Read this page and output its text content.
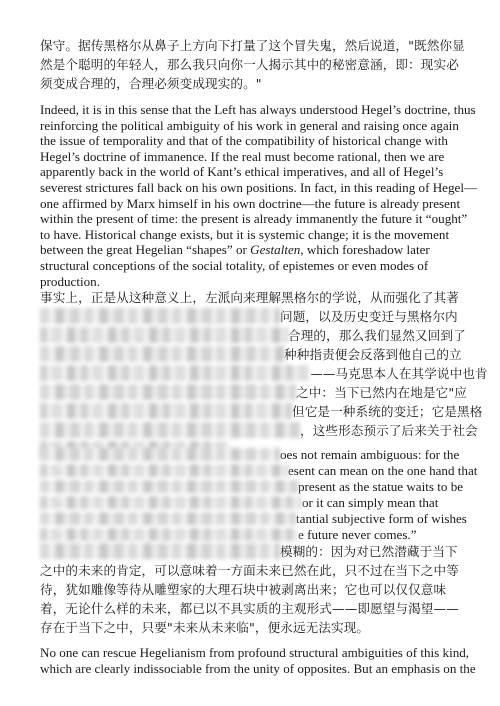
保守。据传黑格尔从鼻子上方向下打量了这个冒失鬼，然后说道，"既然你显
然是个聪明的年轻人，那么我只向你一人揭示其中的秘密意涵，即：现实必
须变成合理的，合理必须变成现实的。"
Indeed, it is in this sense that the Left has always understood Hegel’s doctrine, thus
reinforcing the political ambiguity of his work in general and raising once again
the issue of temporality and that of the compatibility of historical change with
Hegel’s doctrine of immanence. If the real must become rational, then we are
apparently back in the world of Kant’s ethical imperatives, and all of Hegel’s
severest strictures fall back on his own positions. In fact, in this reading of Hegel—
one affirmed by Marx himself in his own doctrine—the future is already present
within the present of time: the present is already immanently the future it “ought”
to have. Historical change exists, but it is systemic change; it is the movement
between the great Hegelian “shapes” or Gestalten, which foreshadow later
structural conceptions of the social totality, of epistemes or even modes of
production.
事实上，正是从这种意义上，左派向来理解黑格尔的学说，从而强化了其著
问题，以及历史变迁与黑格尔内
合理的，那么我们显然又回到了
种种指责便会反落到他自己的立
——马克思本人在其学说中也肯
之中：当下已然内在地是它"应
但它是一种系统的变迁；它是黑格
，这些形态预示了后来关于社会
oes not remain ambiguous: for the
esent can mean on the one hand that
present as the statue waits to be
or it can simply mean that
tantial subjective form of wishes
e future never comes.”
模糊的：因为对已然潜藏于当下
之中的未来的肯定，可以意味着一方面未来已然在此，只不过在当下之中等
待，犹如雕像等待从雕塑家的大理石块中被剥离出来；它也可以仅仅意味
着，无论什么样的未来，都已以不具实质的主观形式——即愿望与渴望——
存在于当下之中，只要"未来从未来临"，便永远无法实现。
No one can rescue Hegelianism from profound structural ambiguities of this kind,
which are clearly indissociable from the unity of opposites. But an emphasis on the
